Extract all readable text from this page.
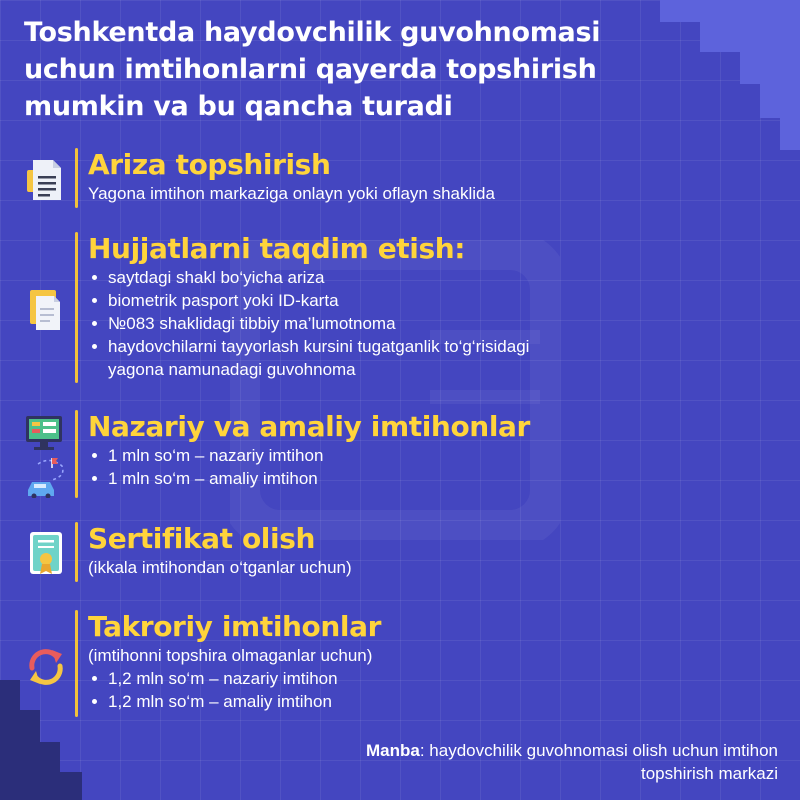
Toshkentda haydovchilik guvohnomasi uchun imtihonlarni qayerda topshirish mumkin va bu qancha turadi
Ariza topshirish
Yagona imtihon markaziga onlayn yoki oflayn shaklida
Hujjatlarni taqdim etish:
saytdagi shakl bo‘yicha ariza
biometrik pasport yoki ID-karta
№083 shaklidagi tibbiy ma’lumotnoma
haydovchilarni tayyorlash kursini tugatganlik to‘g‘risidagi yagona namunadagi guvohnoma
Nazariy va amaliy imtihonlar
1 mln so‘m – nazariy imtihon
1 mln so‘m – amaliy imtihon
Sertifikat olish
(ikkala imtihondan o‘tganlar uchun)
Takroriy imtihonlar
(imtihonni topshira olmaganlar uchun)
1,2 mln so‘m – nazariy imtihon
1,2 mln so‘m – amaliy imtihon
Manba: haydovchilik guvohnomasi olish uchun imtihon topshirish markazi
